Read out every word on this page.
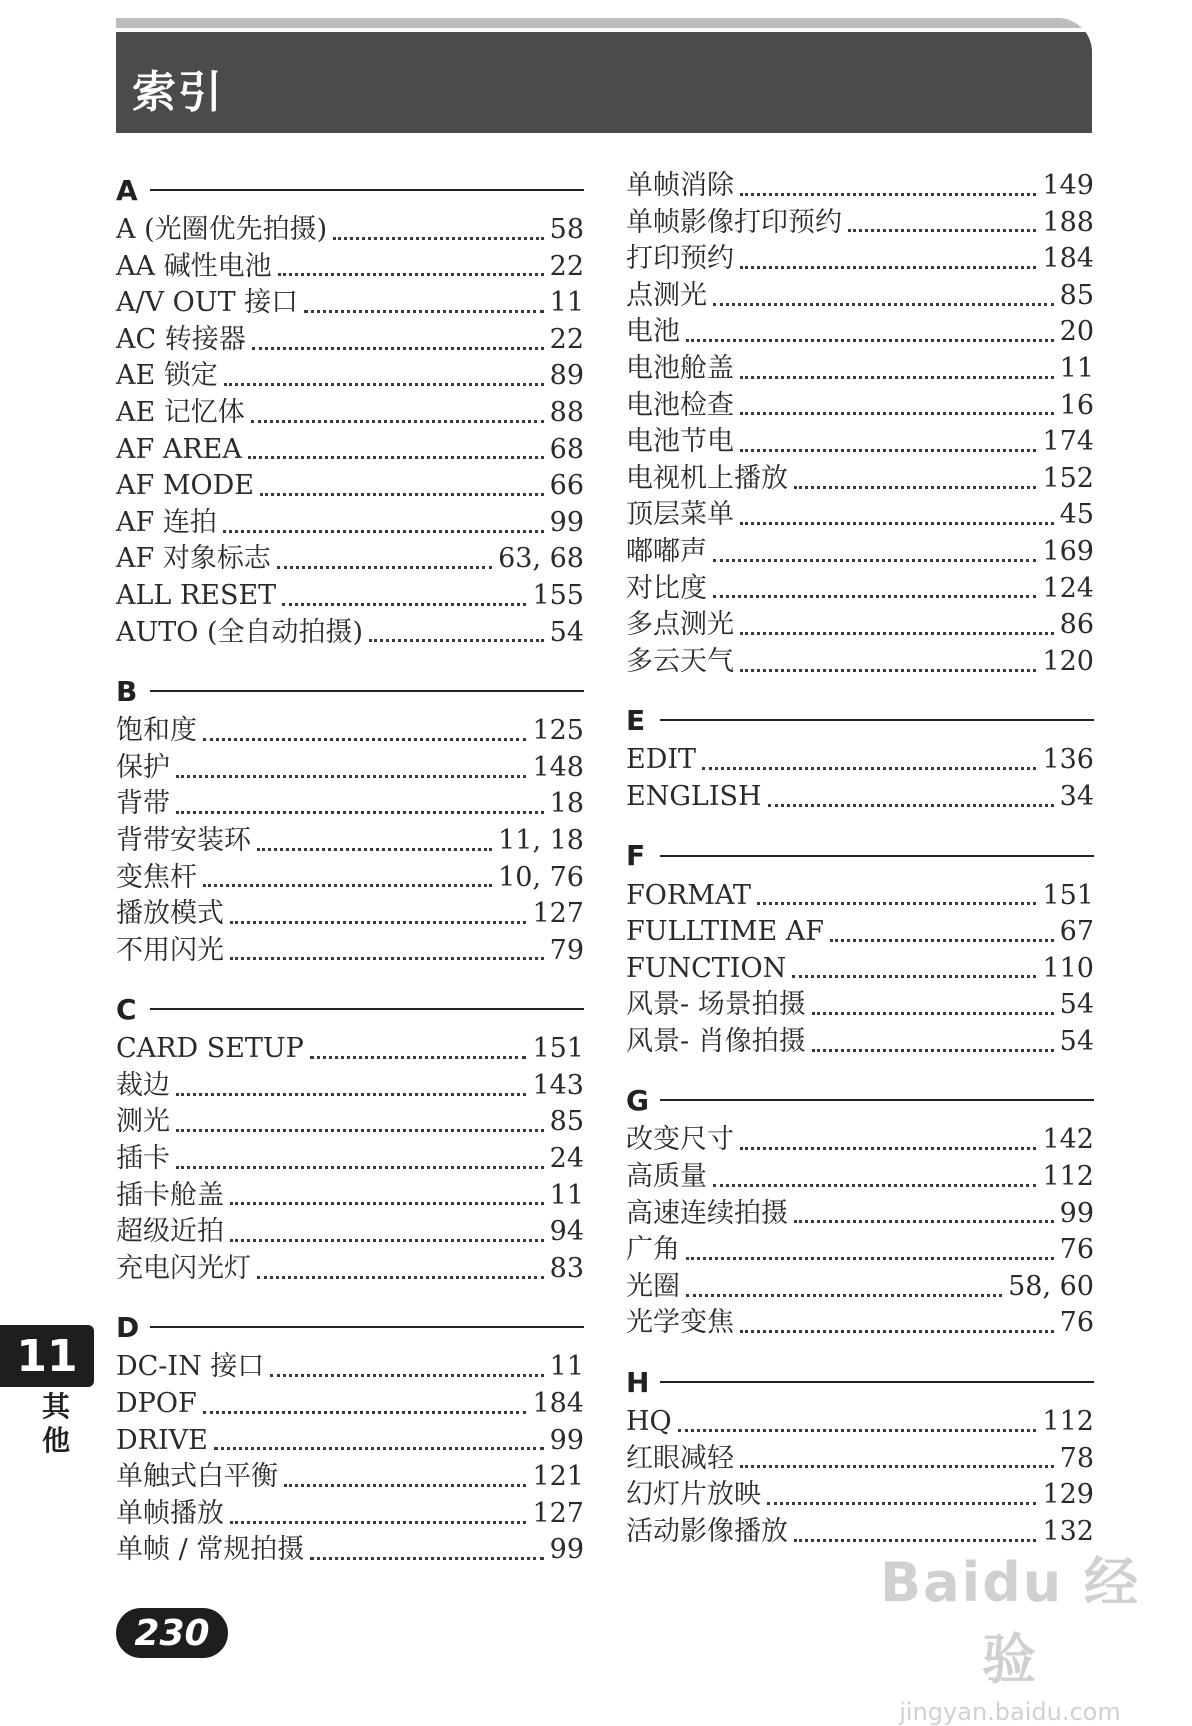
索引
A
A (光圈优先拍摄)	58
AA 碱性电池	22
A/V OUT 接口	11
AC 转接器	22
AE 锁定	89
AE 记忆体	88
AF AREA	68
AF MODE	66
AF 连拍	99
AF 对象标志	63, 68
ALL RESET	155
AUTO (全自动拍摄)	54
B
饱和度	125
保护	148
背带	18
背带安装环	11, 18
变焦杆	10, 76
播放模式	127
不用闪光	79
C
CARD SETUP	151
裁边	143
测光	85
插卡	24
插卡舱盖	11
超级近拍	94
充电闪光灯	83
D
DC-IN 接口	11
DPOF	184
DRIVE	99
单触式白平衡	121
单帧播放	127
单帧 / 常规拍摄	99
单帧消除	149
单帧影像打印预约	188
打印预约	184
点测光	85
电池	20
电池舱盖	11
电池检查	16
电池节电	174
电视机上播放	152
顶层菜单	45
嘟嘟声	169
对比度	124
多点测光	86
多云天气	120
E
EDIT	136
ENGLISH	34
F
FORMAT	151
FULLTIME AF	67
FUNCTION	110
风景- 场景拍摄	54
风景- 肖像拍摄	54
G
改变尺寸	142
高质量	112
高速连续拍摄	99
广角	76
光圈	58, 60
光学变焦	76
H
HQ	112
红眼减轻	78
幻灯片放映	129
活动影像播放	132
11
其他
230
Baidu 经验
jingyan.baidu.com
